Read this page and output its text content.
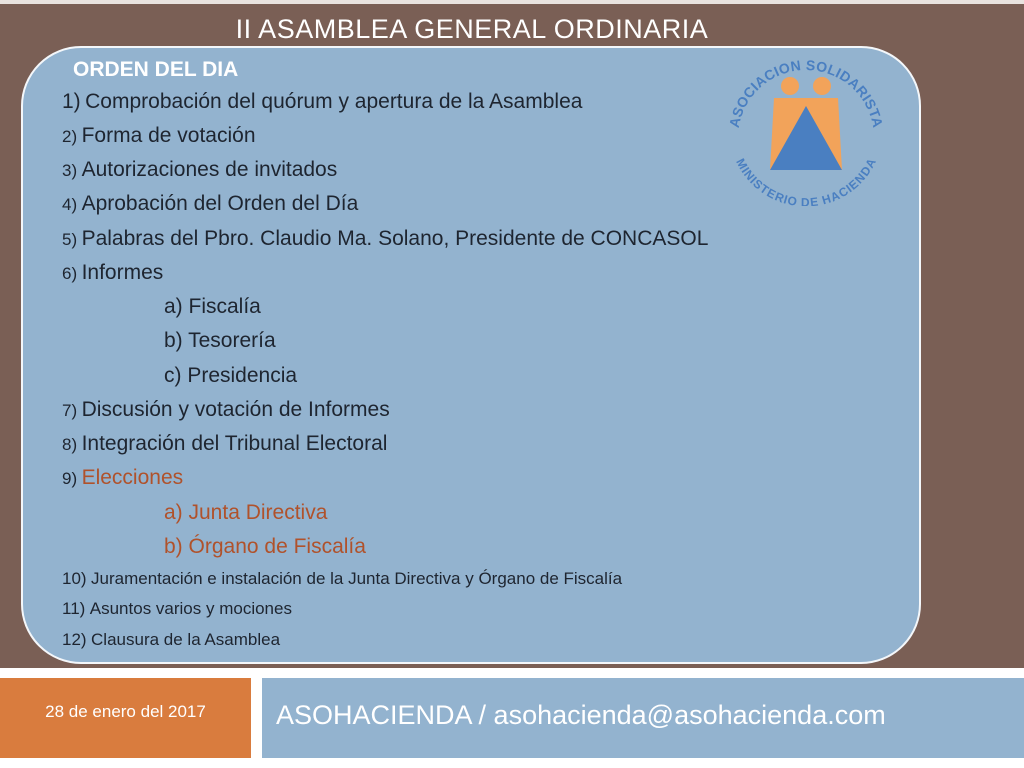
II ASAMBLEA GENERAL ORDINARIA
ORDEN DEL DIA
1) Comprobación del quórum y apertura de la Asamblea
2) Forma de votación
3) Autorizaciones de invitados
4) Aprobación del Orden del Día
5) Palabras del Pbro. Claudio Ma. Solano, Presidente de CONCASOL
6) Informes
a) Fiscalía
b) Tesorería
c) Presidencia
7) Discusión y votación de Informes
8) Integración del Tribunal Electoral
9) Elecciones
a) Junta Directiva
b) Órgano de Fiscalía
10) Juramentación e instalación de la Junta Directiva y Órgano de Fiscalía
11) Asuntos varios y mociones
12) Clausura de la Asamblea
ASOCIACION SOLIDARISTA
MINISTERIO DE HACIENDA
28 de enero del 2017	ASOHACIENDA / asohacienda@asohacienda.com
